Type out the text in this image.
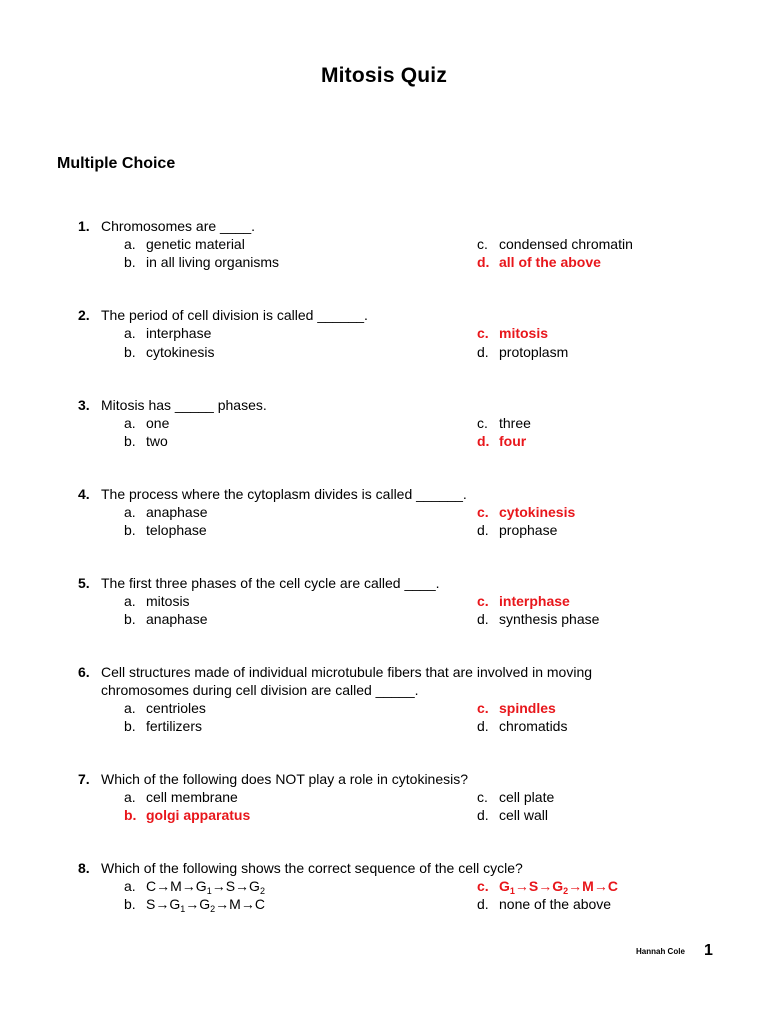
Mitosis Quiz
Multiple Choice
1. Chromosomes are ____.
a. genetic material
b. in all living organisms
c. condensed chromatin
d. all of the above
2. The period of cell division is called ______.
a. interphase
b. cytokinesis
c. mitosis
d. protoplasm
3. Mitosis has _____ phases.
a. one
b. two
c. three
d. four
4. The process where the cytoplasm divides is called ______.
a. anaphase
b. telophase
c. cytokinesis
d. prophase
5. The first three phases of the cell cycle are called ____.
a. mitosis
b. anaphase
c. interphase
d. synthesis phase
6. Cell structures made of individual microtubule fibers that are involved in moving chromosomes during cell division are called _____.
a. centrioles
b. fertilizers
c. spindles
d. chromatids
7. Which of the following does NOT play a role in cytokinesis?
a. cell membrane
b. golgi apparatus
c. cell plate
d. cell wall
8. Which of the following shows the correct sequence of the cell cycle?
a. $C\to M\to G_1\to S\to G_2$
b. $S\to G_1\to G_2\to M\to C$
c. $G_1\to S\to G_2\to M\to C$
d. none of the above
Hannah Cole 1
